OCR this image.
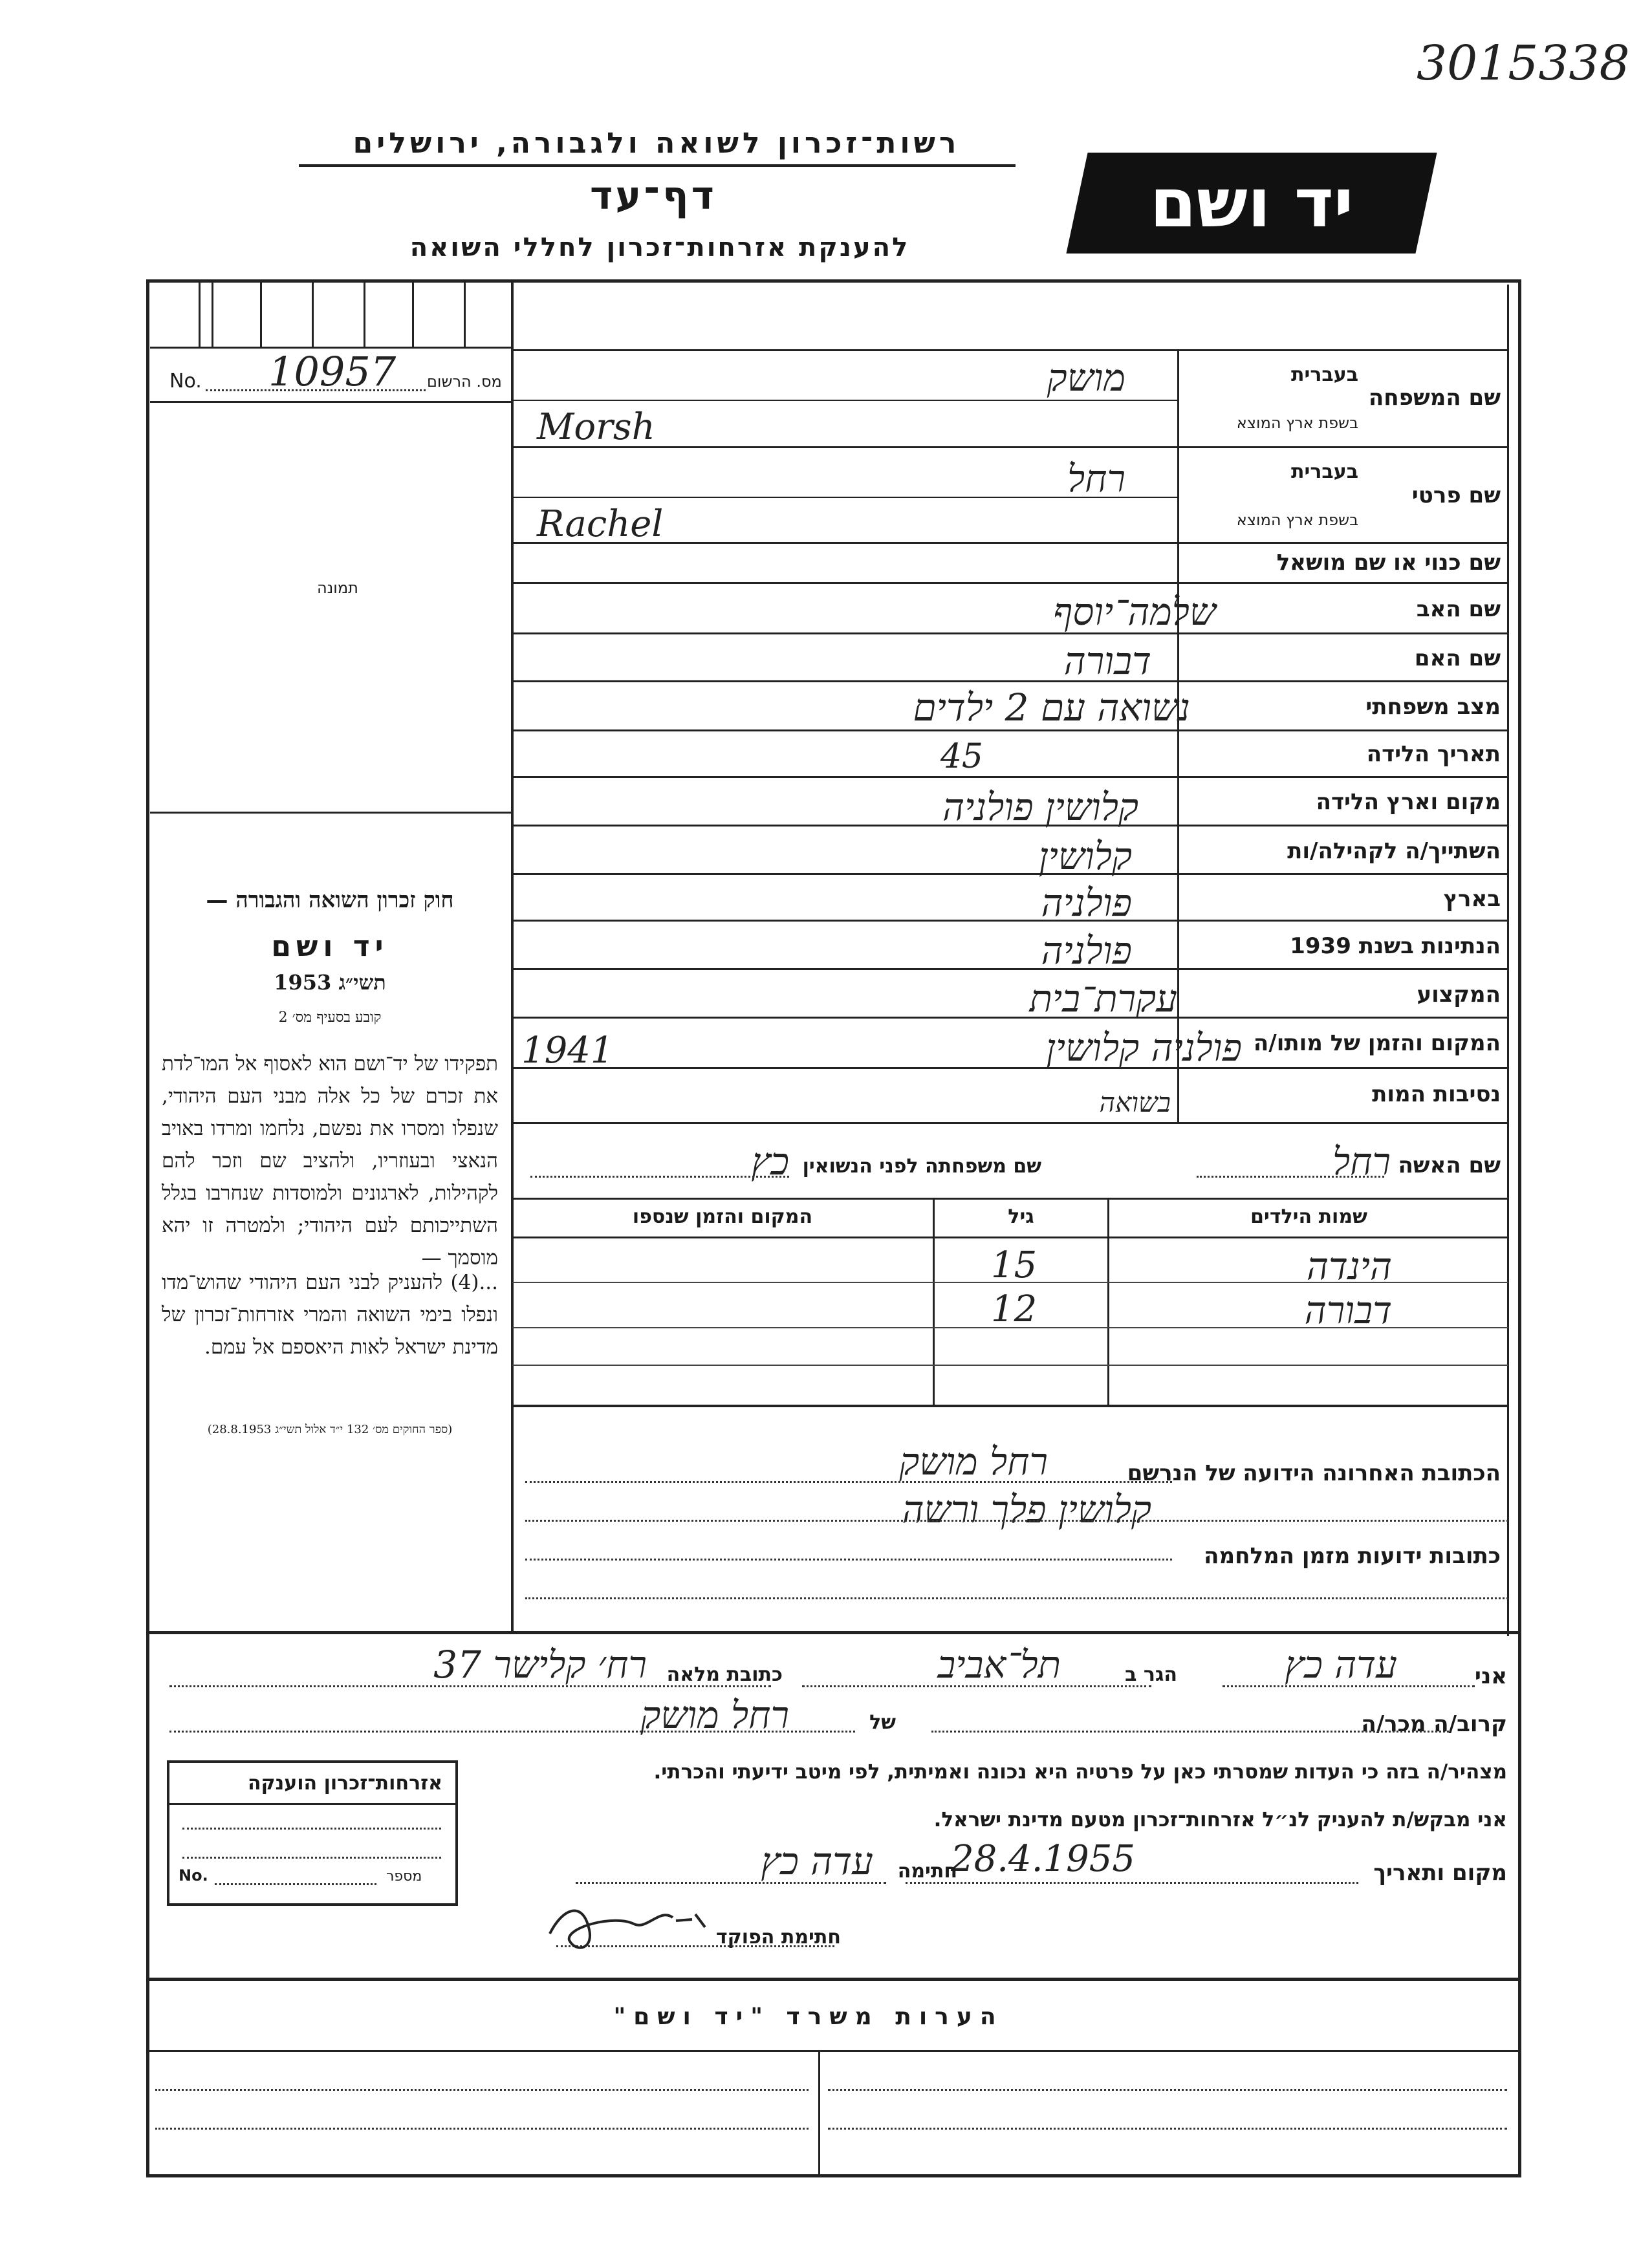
3015338
רשות־זכרון לשואה ולגבורה, ירושלים
דף־עד
להענקת אזרחות־זכרון לחללי השואה
יד ושם
No. 10957 מס. הרשום
תמונה
חוק זכרון השואה והגבורה —
יד ושם
תשי״ג 1953
קובע בסעיף מס׳ 2
תפקידו של יד־ושם הוא לאסוף אל המו־לדת את זכרם של כל אלה מבני העם היהודי, שנפלו ומסרו את נפשם, נלחמו ומרדו באויב הנאצי ובעוזריו, ולהציב שם וזכר להם לקהילות, לארגונים ולמוסדות שנחרבו בגלל השתייכותם לעם היהודי; ולמטרה זו יהא מוסמך —
...(4) להעניק לבני העם היהודי שהוש־מדו ונפלו בימי השואה והמרי אזרחות־זכרון של מדינת ישראל לאות היאספם אל עמם.
(ספר החוקים מס׳ 132 י״ד אלול תשי״ג 28.8.1953)
שם המשפחה
בעברית
בשפת ארץ המוצא
שם פרטי
בעברית
בשפת ארץ המוצא
שם כנוי או שם מושאל
שם האב
שם האם
מצב משפחתי
תאריך הלידה
מקום וארץ הלידה
השתייך/ה לקהילה/ות
בארץ
הנתינות בשנת 1939
המקצוע
המקום והזמן של מותו/ה
נסיבות המות
מושק
Morsh
רחל
Rachel
שלמה־יוסף
דבורה
נשואה עם 2 ילדים
45
קלושין פולניה
קלושין
פולניה
פולניה
עקרת־בית
פולניה קלושין
1941
בשואה
שם האשה
רחל
שם משפחתה לפני הנשואין
כץ
שמות הילדים
גיל
המקום והזמן שנספו
הינדה
15
דבורה
12
הכתובת האחרונה הידועה של הנרשם
רחל מושק
קלושין פלך ורשה
כתובות ידועות מזמן המלחמה
אני
עדה כץ
הגר ב
תל־אביב
כתובת מלאה
רח׳ קלישר 37
קרוב/ה מכר/ה
של
רחל מושק
מצהיר/ה בזה כי העדות שמסרתי כאן על פרטיה היא נכונה ואמיתית, לפי מיטב ידיעתי והכרתי.
אני מבקש/ת להעניק לנ״ל אזרחות־זכרון מטעם מדינת ישראל.
מקום ותאריך
28.4.1955
חתימה
עדה כץ
חתימת הפוקד
אזרחות־זכרון הוענקה
No.	מספר
הערות משרד "יד ושם"
